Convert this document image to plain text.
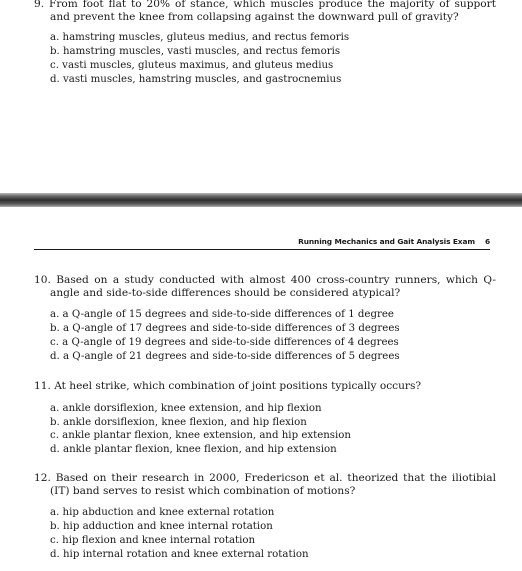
9. From foot flat to 20% of stance, which muscles produce the majority of support and prevent the knee from collapsing against the downward pull of gravity?

a. hamstring muscles, gluteus medius, and rectus femoris
b. hamstring muscles, vasti muscles, and rectus femoris
c. vasti muscles, gluteus maximus, and gluteus medius
d. vasti muscles, hamstring muscles, and gastrocnemius
Running Mechanics and Gait Analysis Exam 6

10. Based on a study conducted with almost 400 cross-country runners, which Q-angle and side-to-side differences should be considered atypical?

a. a Q-angle of 15 degrees and side-to-side differences of 1 degree
b. a Q-angle of 17 degrees and side-to-side differences of 3 degrees
c. a Q-angle of 19 degrees and side-to-side differences of 4 degrees
d. a Q-angle of 21 degrees and side-to-side differences of 5 degrees

11. At heel strike, which combination of joint positions typically occurs?

a. ankle dorsiflexion, knee extension, and hip flexion
b. ankle dorsiflexion, knee flexion, and hip flexion
c. ankle plantar flexion, knee extension, and hip extension
d. ankle plantar flexion, knee flexion, and hip extension

12. Based on their research in 2000, Fredericson et al. theorized that the iliotibial (IT) band serves to resist which combination of motions?

a. hip abduction and knee external rotation
b. hip adduction and knee internal rotation
c. hip flexion and knee internal rotation
d. hip internal rotation and knee external rotation
